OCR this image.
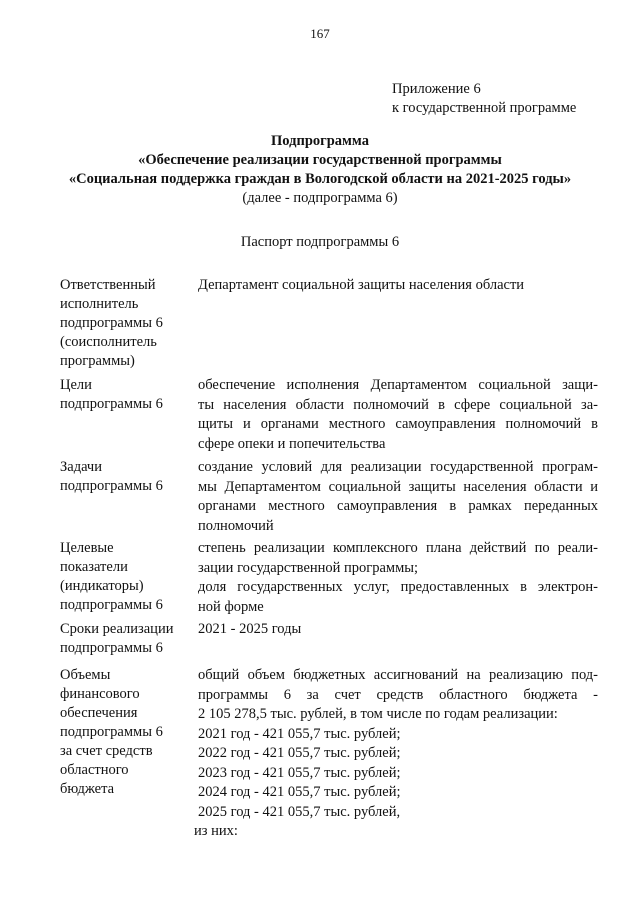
167
Приложение 6
к государственной программе
Подпрограмма
«Обеспечение реализации государственной программы
«Социальная поддержка граждан в Вологодской области на 2021-2025 годы»
(далее - подпрограмма 6)
Паспорт подпрограммы 6
Ответственный
исполнитель
подпрограммы 6
(соисполнитель
программы)
Департамент социальной защиты населения области
Цели
подпрограммы 6
обеспечение исполнения Департаментом социальной защи-
ты населения области полномочий в сфере социальной за-
щиты и органами местного самоуправления полномочий в
сфере опеки и попечительства
Задачи
подпрограммы 6
создание условий для реализации государственной програм-
мы Департаментом социальной защиты населения области и
органами местного самоуправления в рамках переданных
полномочий
Целевые
показатели
(индикаторы)
подпрограммы 6
степень реализации комплексного плана действий по реали-
зации государственной программы;
доля государственных услуг, предоставленных в электрон-
ной форме
Сроки реализации
подпрограммы 6
2021 - 2025 годы
Объемы
финансового
обеспечения
подпрограммы 6
за счет средств
областного
бюджета
общий объем бюджетных ассигнований на реализацию под-
программы 6 за счет средств областного бюджета -
2 105 278,5 тыс. рублей, в том числе по годам реализации:
2021 год - 421 055,7 тыс. рублей;
2022 год - 421 055,7 тыс. рублей;
2023 год - 421 055,7 тыс. рублей;
2024 год - 421 055,7 тыс. рублей;
2025 год - 421 055,7 тыс. рублей,
из них:
